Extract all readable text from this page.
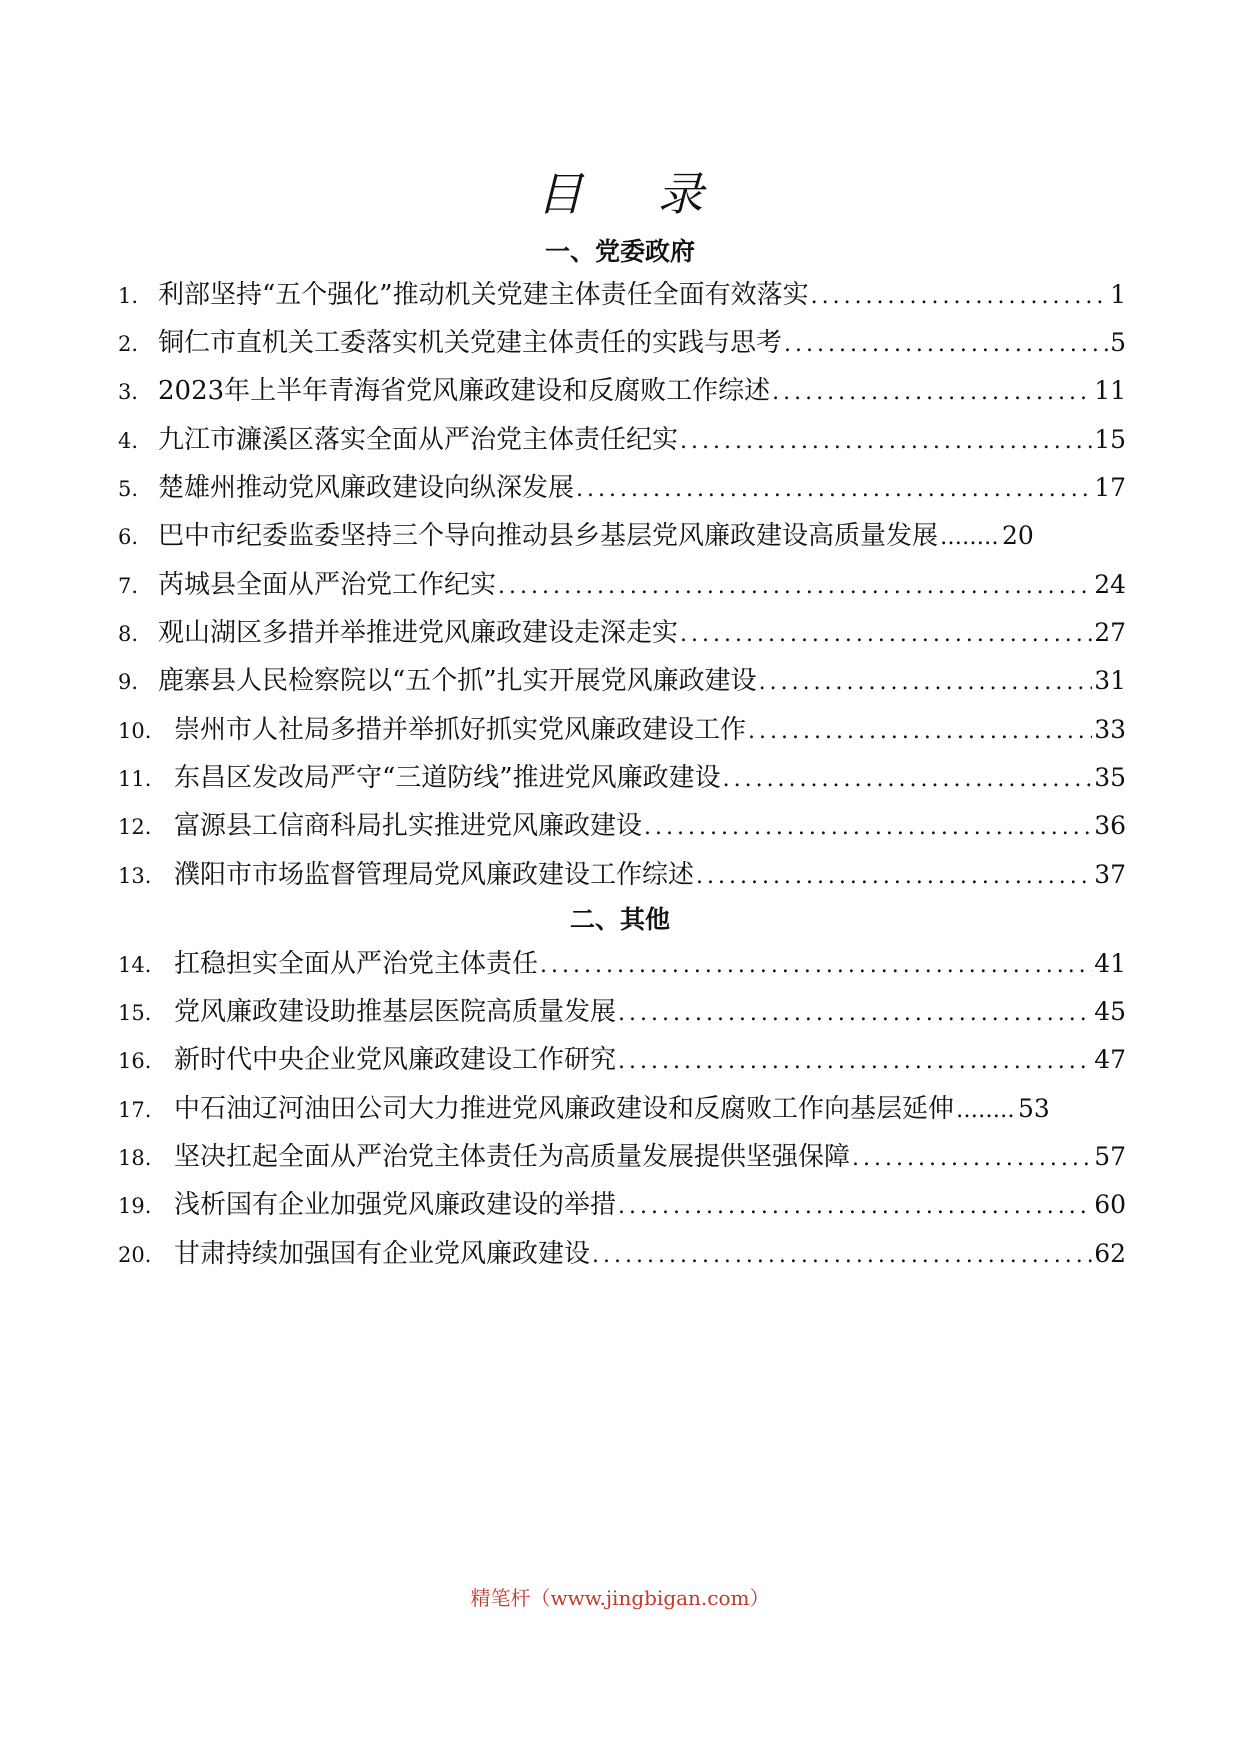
目 录
一、党委政府
二、其他
1. 利部坚持“五个强化”推动机关党建主体责任全面有效落实 .....	1
2. 铜仁市直机关工委落实机关党建主体责任的实践与思考 .....	5
3． 2023年上半年青海省党风廉政建设和反腐败工作综述 .....	11
4. 九江市濂溪区落实全面从严治党主体责任纪实 .....	15
5. 楚雄州推动党风廉政建设向纵深发展 .....	17
6. 巴中市纪委监委坚持三个导向推动县乡基层党风廉政建设高质量发展 ………………………………………………………………………………………………	20
7. 芮城县全面从严治党工作纪实 .....	24
8. 观山湖区多措并举推进党风廉政建设走深走实 .....	27
9. 鹿寨县人民检察院以“五个抓”扎实开展党风廉政建设 .....	31
10. 崇州市人社局多措并举抓好抓实党风廉政建设工作 .....	33
11. 东昌区发改局严守“三道防线”推进党风廉政建设 .....	35
12. 富源县工信商科局扎实推进党风廉政建设 .....	36
13. 濮阳市市场监督管理局党风廉政建设工作综述 .....	37
14. 扛稳担实全面从严治党主体责任 .....	41
15. 党风廉政建设助推基层医院高质量发展 .....	45
16. 新时代中央企业党风廉政建设工作研究 .....	47
17. 中石油辽河油田公司大力推进党风廉政建设和反腐败工作向基层延伸 ………………………………………………………………………………………………	53
18. 坚决扛起全面从严治党主体责任为高质量发展提供坚强保障 .....	57
19. 浅析国有企业加强党风廉政建设的举措 .....	60
20. 甘肃持续加强国有企业党风廉政建设 .....	62
精笔杆（www.jingbigan.com）
